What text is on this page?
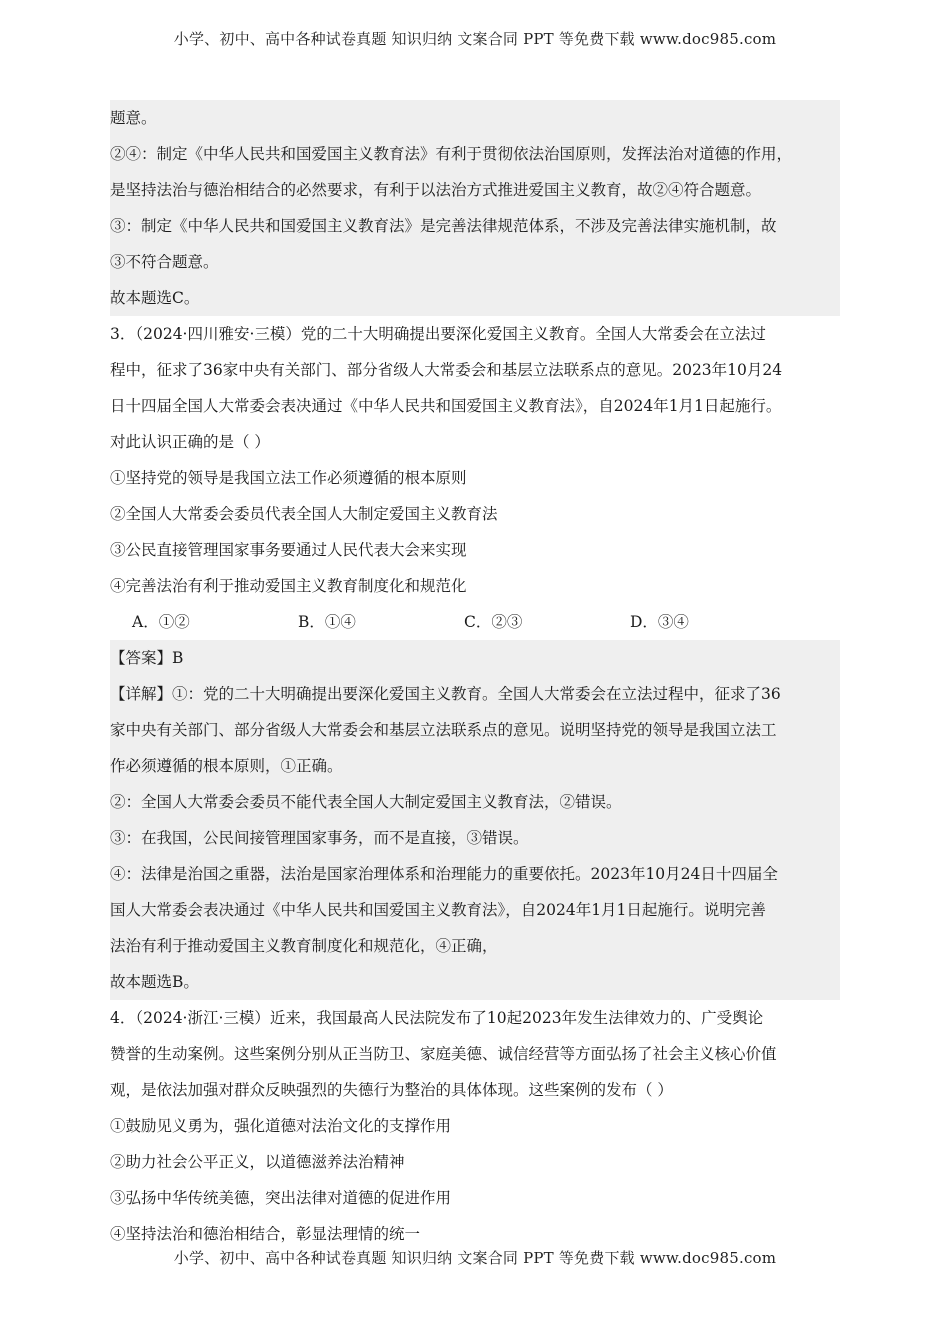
小学、初中、高中各种试卷真题 知识归纳 文案合同 PPT 等免费下载 www.doc985.com
题意。
②④：制定《中华人民共和国爱国主义教育法》有利于贯彻依法治国原则，发挥法治对道德的作用，
是坚持法治与德治相结合的必然要求，有利于以法治方式推进爱国主义教育，故②④符合题意。
③：制定《中华人民共和国爱国主义教育法》是完善法律规范体系，不涉及完善法律实施机制，故
③不符合题意。
故本题选C。
3．（2024·四川雅安·三模）党的二十大明确提出要深化爱国主义教育。全国人大常委会在立法过
程中，征求了36家中央有关部门、部分省级人大常委会和基层立法联系点的意见。2023年10月24
日十四届全国人大常委会表决通过《中华人民共和国爱国主义教育法》，自2024年1月1日起施行。
对此认识正确的是（ ）
①坚持党的领导是我国立法工作必须遵循的根本原则
②全国人大常委会委员代表全国人大制定爱国主义教育法
③公民直接管理国家事务要通过人民代表大会来实现
④完善法治有利于推动爱国主义教育制度化和规范化
A．①②	B．①④	C．②③	D．③④
【答案】B
【详解】①：党的二十大明确提出要深化爱国主义教育。全国人大常委会在立法过程中，征求了36
家中央有关部门、部分省级人大常委会和基层立法联系点的意见。说明坚持党的领导是我国立法工
作必须遵循的根本原则，①正确。
②：全国人大常委会委员不能代表全国人大制定爱国主义教育法，②错误。
③：在我国，公民间接管理国家事务，而不是直接，③错误。
④：法律是治国之重器，法治是国家治理体系和治理能力的重要依托。2023年10月24日十四届全
国人大常委会表决通过《中华人民共和国爱国主义教育法》，自2024年1月1日起施行。说明完善
法治有利于推动爱国主义教育制度化和规范化，④正确，
故本题选B。
4．（2024·浙江·三模）近来，我国最高人民法院发布了10起2023年发生法律效力的、广受舆论
赞誉的生动案例。这些案例分别从正当防卫、家庭美德、诚信经营等方面弘扬了社会主义核心价值
观，是依法加强对群众反映强烈的失德行为整治的具体体现。这些案例的发布（ ）
①鼓励见义勇为，强化道德对法治文化的支撑作用
②助力社会公平正义，以道德滋养法治精神
③弘扬中华传统美德，突出法律对道德的促进作用
④坚持法治和德治相结合，彰显法理情的统一
小学、初中、高中各种试卷真题 知识归纳 文案合同 PPT 等免费下载 www.doc985.com
